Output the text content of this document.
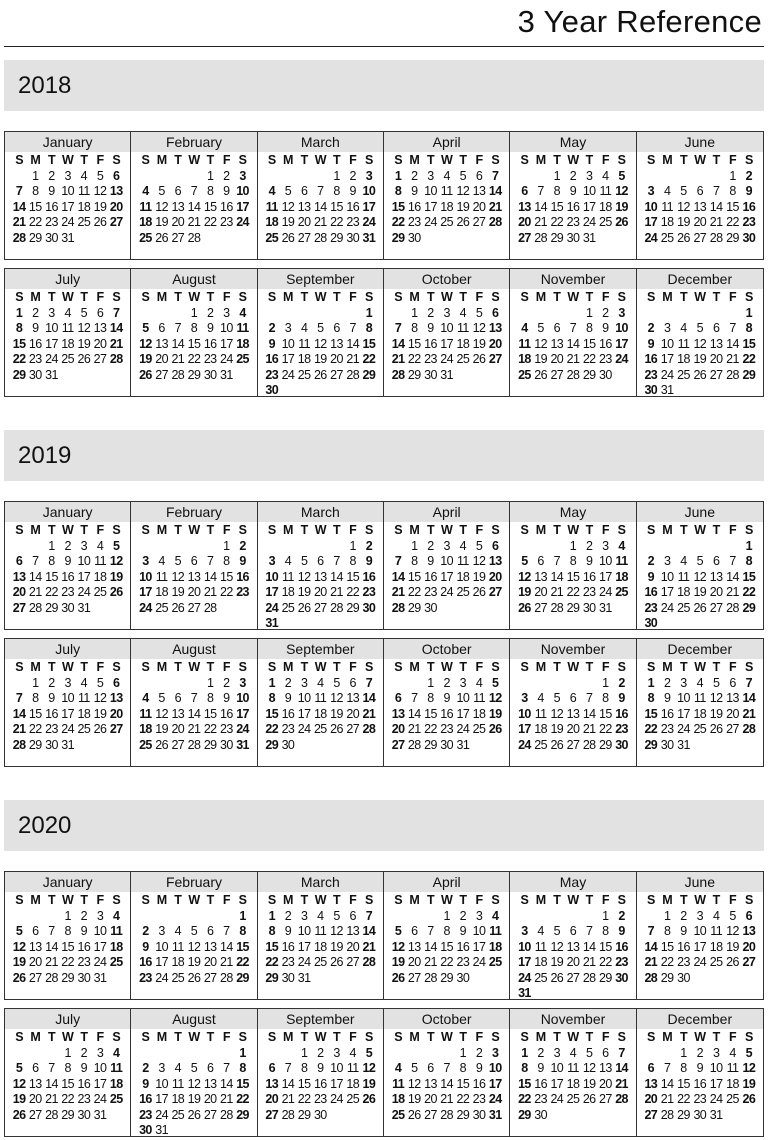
3 Year Reference
2018
January
S M T W T F S
1 2 3 4 5 6
7 8 9 10 11 12 13
14 15 16 17 18 19 20
21 22 23 24 25 26 27
28 29 30 31
February
S M T W T F S
1 2 3
4 5 6 7 8 9 10
11 12 13 14 15 16 17
18 19 20 21 22 23 24
25 26 27 28
March
S M T W T F S
1 2 3
4 5 6 7 8 9 10
11 12 13 14 15 16 17
18 19 20 21 22 23 24
25 26 27 28 29 30 31
April
S M T W T F S
1 2 3 4 5 6 7
8 9 10 11 12 13 14
15 16 17 18 19 20 21
22 23 24 25 26 27 28
29 30
May
S M T W T F S
1 2 3 4 5
6 7 8 9 10 11 12
13 14 15 16 17 18 19
20 21 22 23 24 25 26
27 28 29 30 31
June
S M T W T F S
1 2
3 4 5 6 7 8 9
10 11 12 13 14 15 16
17 18 19 20 21 22 23
24 25 26 27 28 29 30
July
S M T W T F S
1 2 3 4 5 6 7
8 9 10 11 12 13 14
15 16 17 18 19 20 21
22 23 24 25 26 27 28
29 30 31
August
S M T W T F S
1 2 3 4
5 6 7 8 9 10 11
12 13 14 15 16 17 18
19 20 21 22 23 24 25
26 27 28 29 30 31
September
S M T W T F S
1
2 3 4 5 6 7 8
9 10 11 12 13 14 15
16 17 18 19 20 21 22
23 24 25 26 27 28 29
30
October
S M T W T F S
1 2 3 4 5 6
7 8 9 10 11 12 13
14 15 16 17 18 19 20
21 22 23 24 25 26 27
28 29 30 31
November
S M T W T F S
1 2 3
4 5 6 7 8 9 10
11 12 13 14 15 16 17
18 19 20 21 22 23 24
25 26 27 28 29 30
December
S M T W T F S
1
2 3 4 5 6 7 8
9 10 11 12 13 14 15
16 17 18 19 20 21 22
23 24 25 26 27 28 29
30 31
2019
January
S M T W T F S
1 2 3 4 5
6 7 8 9 10 11 12
13 14 15 16 17 18 19
20 21 22 23 24 25 26
27 28 29 30 31
February
S M T W T F S
1 2
3 4 5 6 7 8 9
10 11 12 13 14 15 16
17 18 19 20 21 22 23
24 25 26 27 28
March
S M T W T F S
1 2
3 4 5 6 7 8 9
10 11 12 13 14 15 16
17 18 19 20 21 22 23
24 25 26 27 28 29 30
31
April
S M T W T F S
1 2 3 4 5 6
7 8 9 10 11 12 13
14 15 16 17 18 19 20
21 22 23 24 25 26 27
28 29 30
May
S M T W T F S
1 2 3 4
5 6 7 8 9 10 11
12 13 14 15 16 17 18
19 20 21 22 23 24 25
26 27 28 29 30 31
June
S M T W T F S
1
2 3 4 5 6 7 8
9 10 11 12 13 14 15
16 17 18 19 20 21 22
23 24 25 26 27 28 29
30
July
S M T W T F S
1 2 3 4 5 6
7 8 9 10 11 12 13
14 15 16 17 18 19 20
21 22 23 24 25 26 27
28 29 30 31
August
S M T W T F S
1 2 3
4 5 6 7 8 9 10
11 12 13 14 15 16 17
18 19 20 21 22 23 24
25 26 27 28 29 30 31
September
S M T W T F S
1 2 3 4 5 6 7
8 9 10 11 12 13 14
15 16 17 18 19 20 21
22 23 24 25 26 27 28
29 30
October
S M T W T F S
1 2 3 4 5
6 7 8 9 10 11 12
13 14 15 16 17 18 19
20 21 22 23 24 25 26
27 28 29 30 31
November
S M T W T F S
1 2
3 4 5 6 7 8 9
10 11 12 13 14 15 16
17 18 19 20 21 22 23
24 25 26 27 28 29 30
December
S M T W T F S
1 2 3 4 5 6 7
8 9 10 11 12 13 14
15 16 17 18 19 20 21
22 23 24 25 26 27 28
29 30 31
2020
January
S M T W T F S
1 2 3 4
5 6 7 8 9 10 11
12 13 14 15 16 17 18
19 20 21 22 23 24 25
26 27 28 29 30 31
February
S M T W T F S
1
2 3 4 5 6 7 8
9 10 11 12 13 14 15
16 17 18 19 20 21 22
23 24 25 26 27 28 29
March
S M T W T F S
1 2 3 4 5 6 7
8 9 10 11 12 13 14
15 16 17 18 19 20 21
22 23 24 25 26 27 28
29 30 31
April
S M T W T F S
1 2 3 4
5 6 7 8 9 10 11
12 13 14 15 16 17 18
19 20 21 22 23 24 25
26 27 28 29 30
May
S M T W T F S
1 2
3 4 5 6 7 8 9
10 11 12 13 14 15 16
17 18 19 20 21 22 23
24 25 26 27 28 29 30
31
June
S M T W T F S
1 2 3 4 5 6
7 8 9 10 11 12 13
14 15 16 17 18 19 20
21 22 23 24 25 26 27
28 29 30
July
S M T W T F S
1 2 3 4
5 6 7 8 9 10 11
12 13 14 15 16 17 18
19 20 21 22 23 24 25
26 27 28 29 30 31
August
S M T W T F S
1
2 3 4 5 6 7 8
9 10 11 12 13 14 15
16 17 18 19 20 21 22
23 24 25 26 27 28 29
30 31
September
S M T W T F S
1 2 3 4 5
6 7 8 9 10 11 12
13 14 15 16 17 18 19
20 21 22 23 24 25 26
27 28 29 30
October
S M T W T F S
1 2 3
4 5 6 7 8 9 10
11 12 13 14 15 16 17
18 19 20 21 22 23 24
25 26 27 28 29 30 31
November
S M T W T F S
1 2 3 4 5 6 7
8 9 10 11 12 13 14
15 16 17 18 19 20 21
22 23 24 25 26 27 28
29 30
December
S M T W T F S
1 2 3 4 5
6 7 8 9 10 11 12
13 14 15 16 17 18 19
20 21 22 23 24 25 26
27 28 29 30 31
